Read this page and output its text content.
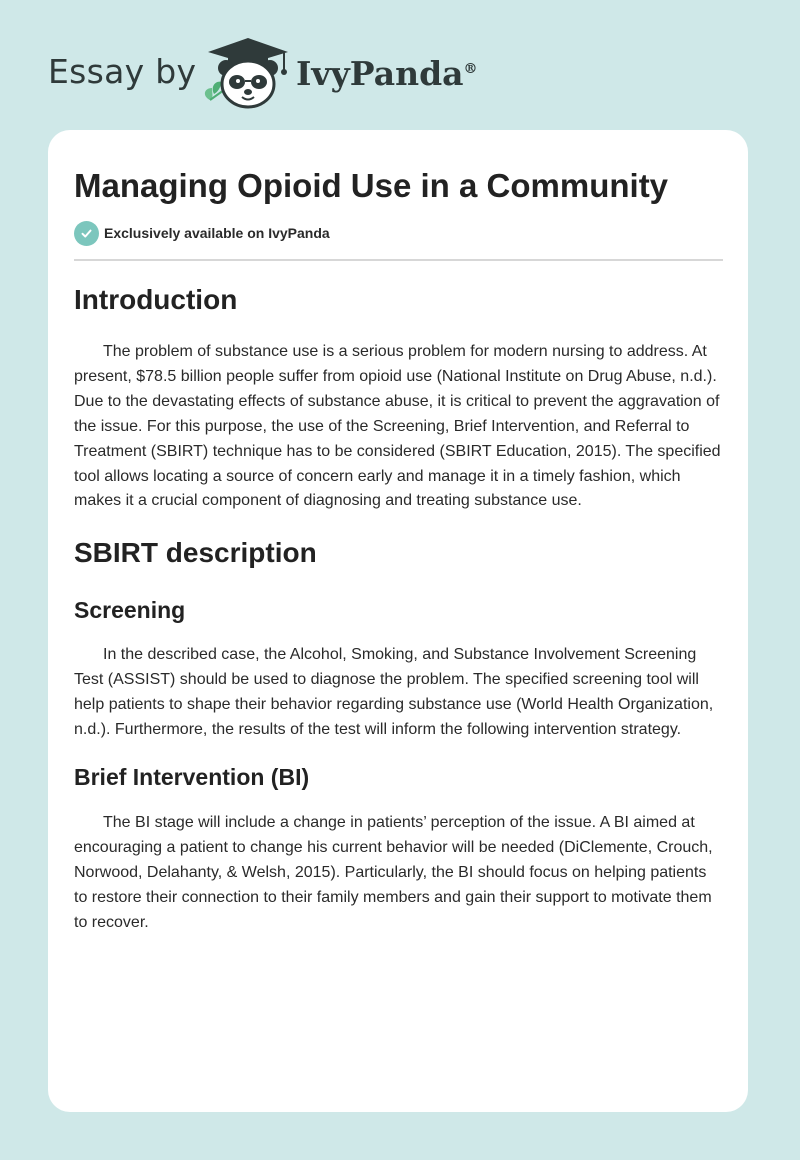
Essay by	IvyPanda®
Managing Opioid Use in a Community
Exclusively available on IvyPanda
Introduction

The problem of substance use is a serious problem for modern nursing to address. At present, $78.5 billion people suffer from opioid use (National Institute on Drug Abuse, n.d.). Due to the devastating effects of substance abuse, it is critical to prevent the aggravation of the issue. For this purpose, the use of the Screening, Brief Intervention, and Referral to Treatment (SBIRT) technique has to be considered (SBIRT Education, 2015). The specified tool allows locating a source of concern early and manage it in a timely fashion, which makes it a crucial component of diagnosing and treating substance use.

SBIRT description
Screening

In the described case, the Alcohol, Smoking, and Substance Involvement Screening Test (ASSIST) should be used to diagnose the problem. The specified screening tool will help patients to shape their behavior regarding substance use (World Health Organization, n.d.). Furthermore, the results of the test will inform the following intervention strategy.

Brief Intervention (BI)

The BI stage will include a change in patients’ perception of the issue. A BI aimed at encouraging a patient to change his current behavior will be needed (DiClemente, Crouch, Norwood, Delahanty, & Welsh, 2015). Particularly, the BI should focus on helping patients to restore their connection to their family members and gain their support to motivate them to recover.
